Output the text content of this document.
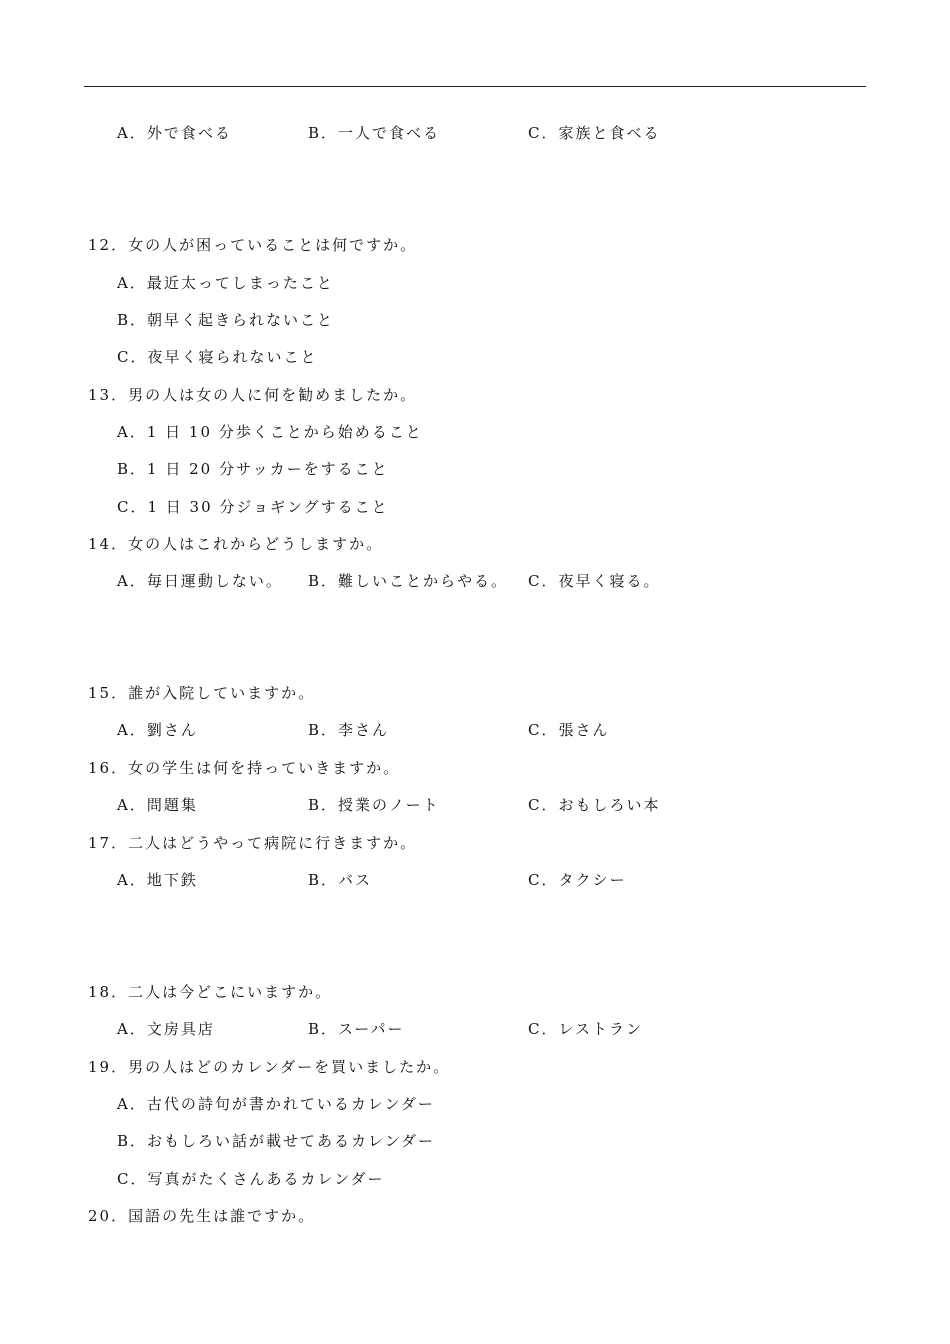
A．外で食べる	B．一人で食べる	C．家族と食べる
12．女の人が困っていることは何ですか。
A．最近太ってしまったこと
B．朝早く起きられないこと
C．夜早く寝られないこと
13．男の人は女の人に何を勧めましたか。
A．1 日 10 分歩くことから始めること
B．1 日 20 分サッカーをすること
C．1 日 30 分ジョギングすること
14．女の人はこれからどうしますか。
A．毎日運動しない。 B．難しいことからやる。 C．夜早く寝る。
15．誰が入院していますか。
A．劉さん	B．李さん	C．張さん
16．女の学生は何を持っていきますか。
A．問題集	B．授業のノート	C．おもしろい本
17．二人はどうやって病院に行きますか。
A．地下鉄	B．バス	C．タクシー
18．二人は今どこにいますか。
A．文房具店	B．スーパー	C．レストラン
19．男の人はどのカレンダーを買いましたか。
A．古代の詩句が書かれているカレンダー
B．おもしろい話が載せてあるカレンダー
C．写真がたくさんあるカレンダー
20．国語の先生は誰ですか。
